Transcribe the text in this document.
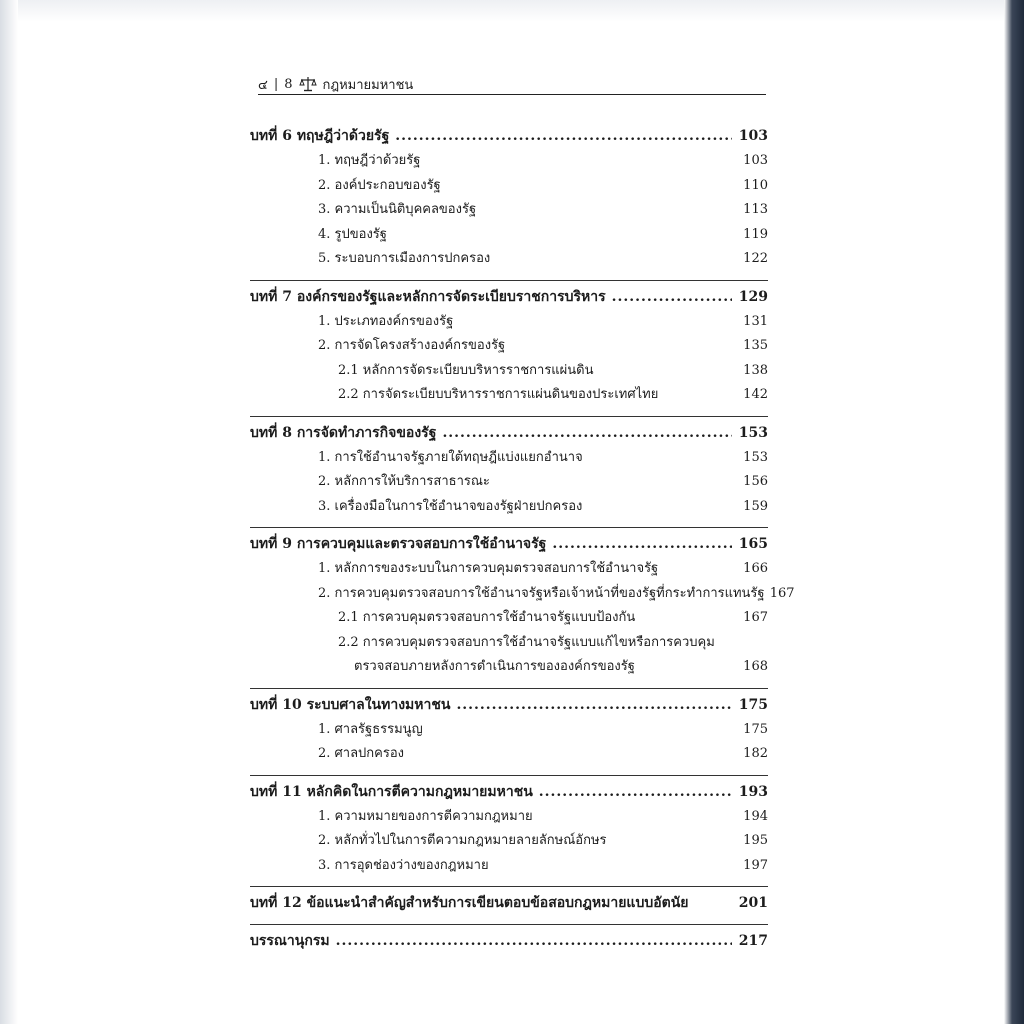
๔ | 8 กฎหมายมหาชน
บทที่ 6 ทฤษฎีว่าด้วยรัฐ .....	103
1. ทฤษฎีว่าด้วยรัฐ	103
2. องค์ประกอบของรัฐ	110
3. ความเป็นนิติบุคคลของรัฐ	113
4. รูปของรัฐ	119
5. ระบอบการเมืองการปกครอง	122
บทที่ 7 องค์กรของรัฐและหลักการจัดระเบียบราชการบริหาร .....	129
1. ประเภทองค์กรของรัฐ	131
2. การจัดโครงสร้างองค์กรของรัฐ	135
2.1 หลักการจัดระเบียบบริหารราชการแผ่นดิน	138
2.2 การจัดระเบียบบริหารราชการแผ่นดินของประเทศไทย	142
บทที่ 8 การจัดทำภารกิจของรัฐ .....	153
1. การใช้อำนาจรัฐภายใต้ทฤษฎีแบ่งแยกอำนาจ	153
2. หลักการให้บริการสาธารณะ	156
3. เครื่องมือในการใช้อำนาจของรัฐฝ่ายปกครอง	159
บทที่ 9 การควบคุมและตรวจสอบการใช้อำนาจรัฐ .....	165
1. หลักการของระบบในการควบคุมตรวจสอบการใช้อำนาจรัฐ	166
2. การควบคุมตรวจสอบการใช้อำนาจรัฐหรือเจ้าหน้าที่ของรัฐที่กระทำการแทนรัฐ 167
2.1 การควบคุมตรวจสอบการใช้อำนาจรัฐแบบป้องกัน	167
2.2 การควบคุมตรวจสอบการใช้อำนาจรัฐแบบแก้ไขหรือการควบคุม
ตรวจสอบภายหลังการดำเนินการขององค์กรของรัฐ	168
บทที่ 10 ระบบศาลในทางมหาชน .....	175
1. ศาลรัฐธรรมนูญ	175
2. ศาลปกครอง	182
บทที่ 11 หลักคิดในการตีความกฎหมายมหาชน .....	193
1. ความหมายของการตีความกฎหมาย	194
2. หลักทั่วไปในการตีความกฎหมายลายลักษณ์อักษร	195
3. การอุดช่องว่างของกฎหมาย	197
บทที่ 12 ข้อแนะนำสำคัญสำหรับการเขียนตอบข้อสอบกฎหมายแบบอัตนัย	201
บรรณานุกรม .....	217
